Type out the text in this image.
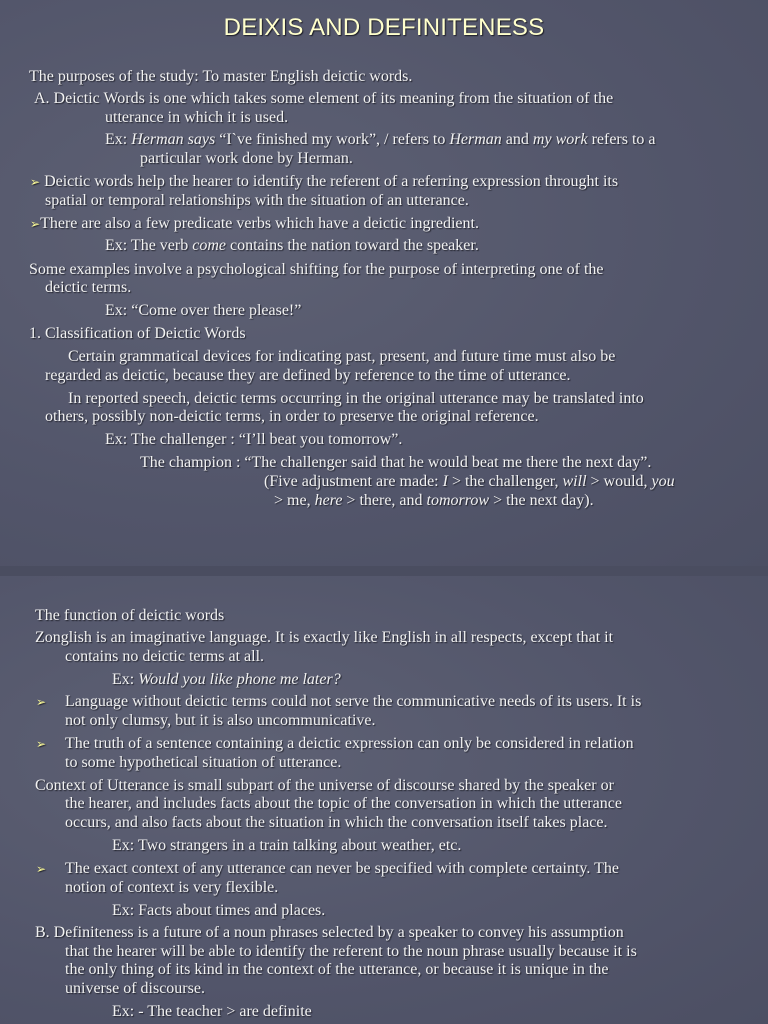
DEIXIS AND DEFINITENESS
The purposes of the study: To master English deictic words.
A. Deictic Words is one which takes some element of its meaning from the situation of the
utterance in which it is used.
Ex: Herman says “I`ve finished my work”, / refers to Herman and my work refers to a
particular work done by Herman.
➢ Deictic words help the hearer to identify the referent of a referring expression throught its
spatial or temporal relationships with the situation of an utterance.
➢There are also a few predicate verbs which have a deictic ingredient.
Ex: The verb come contains the nation toward the speaker.
Some examples involve a psychological shifting for the purpose of interpreting one of the
deictic terms.
Ex: “Come over there please!”
1. Classification of Deictic Words
Certain grammatical devices for indicating past, present, and future time must also be
regarded as deictic, because they are defined by reference to the time of utterance.
In reported speech, deictic terms occurring in the original utterance may be translated into
others, possibly non-deictic terms, in order to preserve the original reference.
Ex: The challenger : “I’ll beat you tomorrow”.
The champion : “The challenger said that he would beat me there the next day”.
(Five adjustment are made: I > the challenger, will > would, you
> me, here > there, and tomorrow > the next day).
The function of deictic words
Zonglish is an imaginative language. It is exactly like English in all respects, except that it
contains no deictic terms at all.
Ex: Would you like phone me later?
➢ Language without deictic terms could not serve the communicative needs of its users. It is
not only clumsy, but it is also uncommunicative.
➢ The truth of a sentence containing a deictic expression can only be considered in relation
to some hypothetical situation of utterance.
Context of Utterance is small subpart of the universe of discourse shared by the speaker or
the hearer, and includes facts about the topic of the conversation in which the utterance
occurs, and also facts about the situation in which the conversation itself takes place.
Ex: Two strangers in a train talking about weather, etc.
➢ The exact context of any utterance can never be specified with complete certainty. The
notion of context is very flexible.
Ex: Facts about times and places.
B. Definiteness is a future of a noun phrases selected by a speaker to convey his assumption
that the hearer will be able to identify the referent to the noun phrase usually because it is
the only thing of its kind in the context of the utterance, or because it is unique in the
universe of discourse.
Ex: - The teacher > are definite
